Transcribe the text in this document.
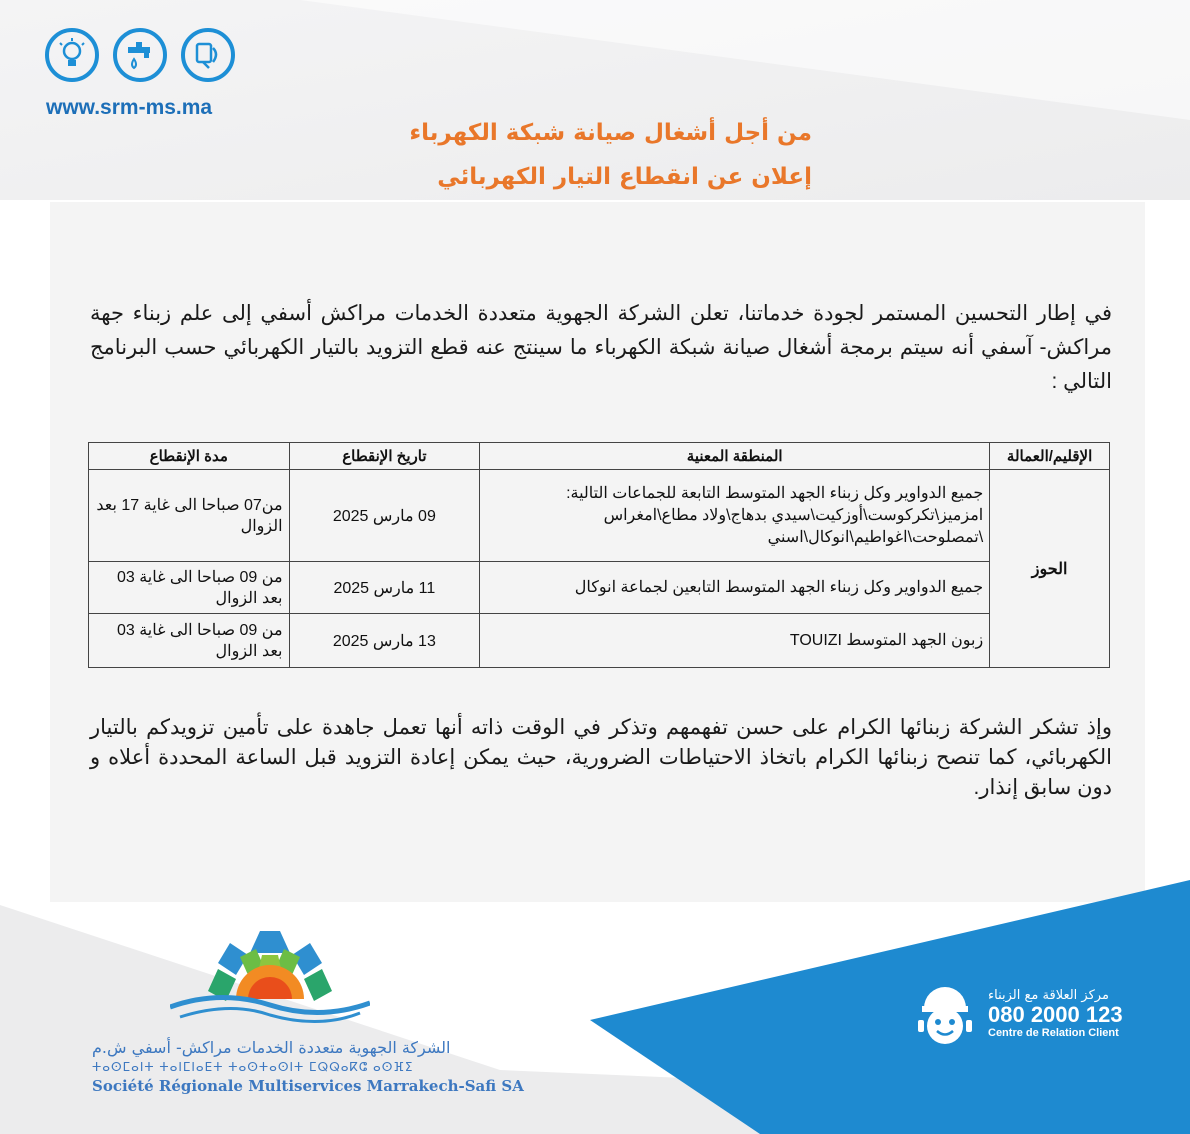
www.srm-ms.ma
من أجل أشغال صيانة شبكة الكهرباء
إعلان عن انقطاع التيار الكهربائي
في إطار التحسين المستمر لجودة خدماتنا، تعلن الشركة الجهوية متعددة الخدمات مراكش أسفي إلى علم زبناء جهة مراكش- آسفي أنه سيتم برمجة أشغال صيانة شبكة الكهرباء ما سينتج عنه قطع التزويد بالتيار الكهربائي حسب البرنامج التالي :
الإقليم/العمالة	المنطقة المعنية	تاريخ الإنقطاع	مدة الإنقطاع
الحوز	جميع الدواوير وكل زبناء الجهد المتوسط التابعة للجماعات التالية: امزميز\تكركوست\أوزكيت\سيدي بدهاج\ولاد مطاع\امغراس \تمصلوحت\اغواطيم\انوكال\اسني	09 مارس 2025	من07 صباحا الى غاية 17 بعد الزوال
	جميع الدواوير وكل زبناء الجهد المتوسط التابعين لجماعة انوكال	11 مارس 2025	من 09 صباحا الى غاية 03 بعد الزوال
	زبون الجهد المتوسط TOUIZI	13 مارس 2025	من 09 صباحا الى غاية 03 بعد الزوال
وإذ تشكر الشركة زبنائها الكرام على حسن تفهمهم وتذكر في الوقت ذاته أنها تعمل جاهدة على تأمين تزويدكم بالتيار الكهربائي، كما تنصح زبنائها الكرام باتخاذ الاحتياطات الضرورية، حيث يمكن إعادة التزويد قبل الساعة المحددة أعلاه و دون سابق إنذار.
الشركة الجهوية متعددة الخدمات مراكش- أسفي ش.م
ⵜⴰⵙⵎⴰⵏⵜ ⵜⴰⵏⵎⵏⴰⴹⵜ ⵜⴰⵙⵜⴰⵙⵏⵜ ⵎⵕⵕⴰⴽⵛ ⴰⵙⴼⵉ
Société Régionale Multiservices Marrakech-Safi SA
مركز العلاقة مع الزبناء
080 2000 123
Centre de Relation Client
